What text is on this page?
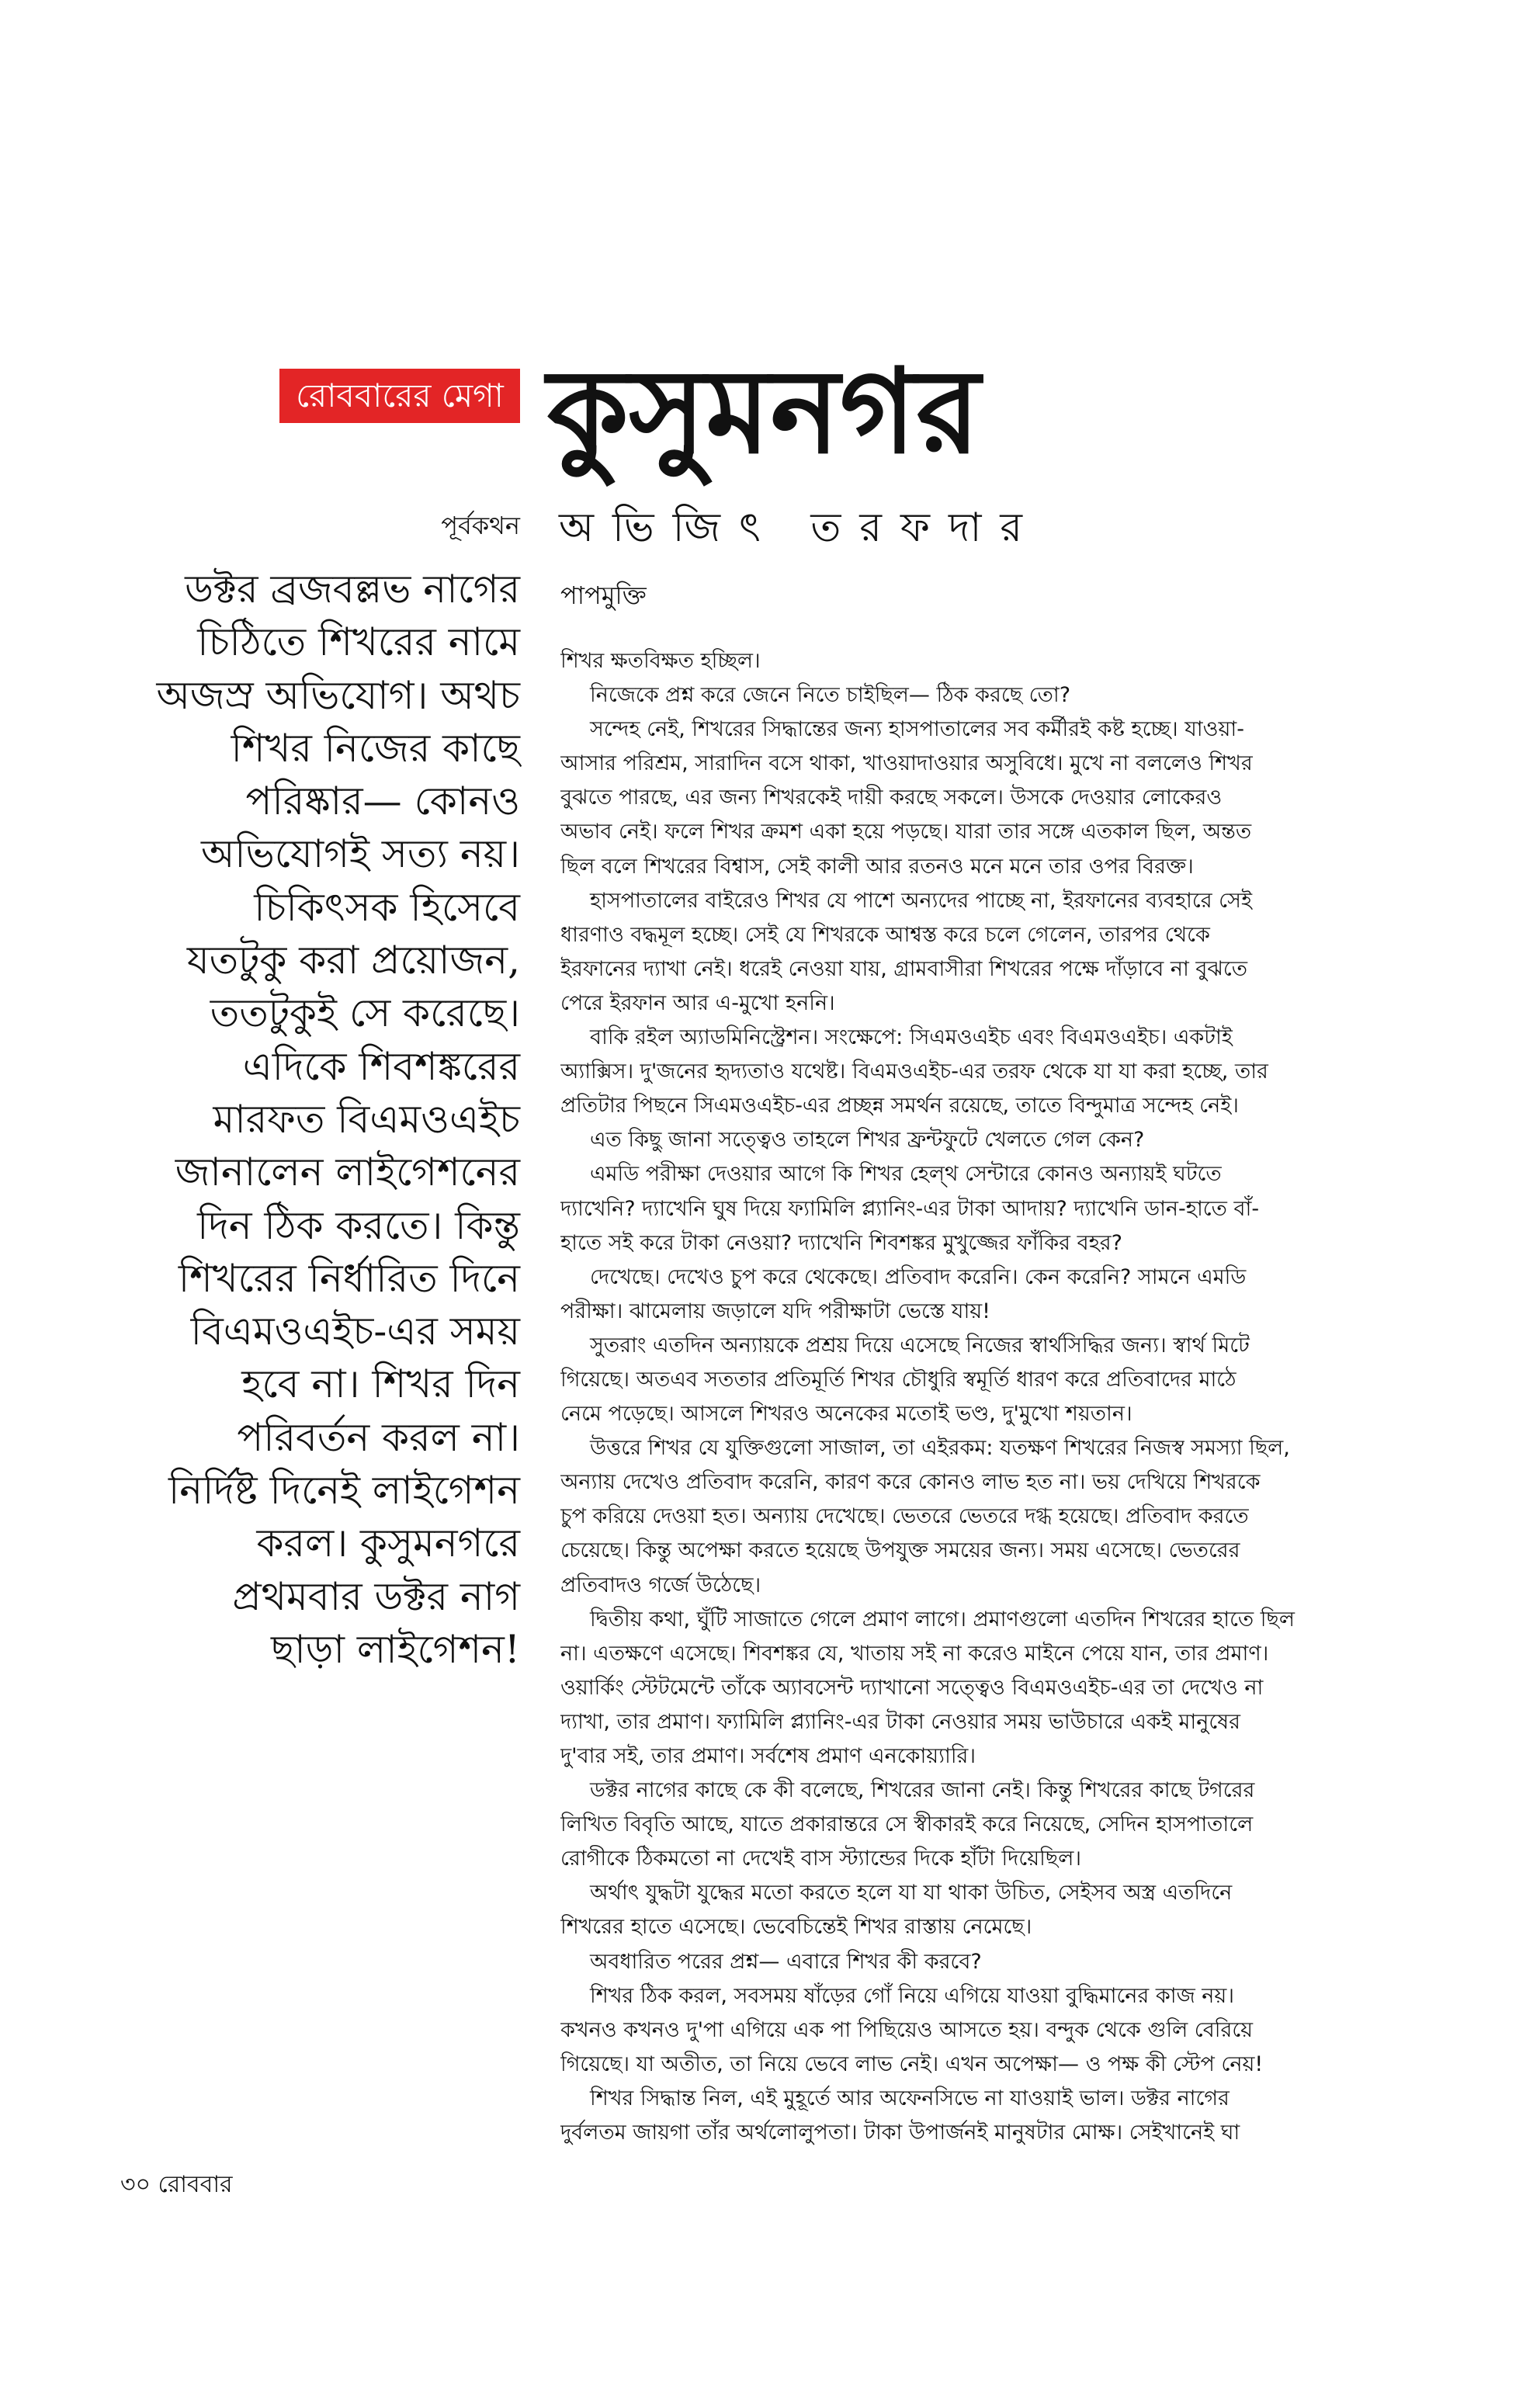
রোববারের মেগা কুসুমনগর
পূর্বকথন অভিজিৎ তরফদার
পাপমুক্তি
ডক্টর ব্রজবল্লভ নাগের
চিঠিতে শিখরের নামে
অজস্র অভিযোগ। অথচ
শিখর নিজের কাছে
পরিষ্কার— কোনও
অভিযোগই সত্য নয়।
চিকিৎসক হিসেবে
যতটুকু করা প্রয়োজন,
ততটুকুই সে করেছে।
এদিকে শিবশঙ্করের
মারফত বিএমওএইচ
জানালেন লাইগেশনের
দিন ঠিক করতে। কিন্তু
শিখরের নির্ধারিত দিনে
বিএমওএইচ-এর সময়
হবে না। শিখর দিন
পরিবর্তন করল না।
নির্দিষ্ট দিনেই লাইগেশন
করল। কুসুমনগরে
প্রথমবার ডক্টর নাগ
ছাড়া লাইগেশন!
শিখর ক্ষতবিক্ষত হচ্ছিল।
নিজেকে প্রশ্ন করে জেনে নিতে চাইছিল— ঠিক করছে তো?
সন্দেহ নেই, শিখরের সিদ্ধান্তের জন্য হাসপাতালের সব কর্মীরই কষ্ট হচ্ছে। যাওয়া-
আসার পরিশ্রম, সারাদিন বসে থাকা, খাওয়াদাওয়ার অসুবিধে। মুখে না বললেও শিখর
বুঝতে পারছে, এর জন্য শিখরকেই দায়ী করছে সকলে। উসকে দেওয়ার লোকেরও
অভাব নেই। ফলে শিখর ক্রমশ একা হয়ে পড়ছে। যারা তার সঙ্গে এতকাল ছিল, অন্তত
ছিল বলে শিখরের বিশ্বাস, সেই কালী আর রতনও মনে মনে তার ওপর বিরক্ত।
হাসপাতালের বাইরেও শিখর যে পাশে অন্যদের পাচ্ছে না, ইরফানের ব্যবহারে সেই
ধারণাও বদ্ধমূল হচ্ছে। সেই যে শিখরকে আশ্বস্ত করে চলে গেলেন, তারপর থেকে
ইরফানের দ্যাখা নেই। ধরেই নেওয়া যায়, গ্রামবাসীরা শিখরের পক্ষে দাঁড়াবে না বুঝতে
পেরে ইরফান আর এ-মুখো হননি।
বাকি রইল অ্যাডমিনিস্ট্রেশন। সংক্ষেপে: সিএমওএইচ এবং বিএমওএইচ। একটাই
অ্যাক্সিস। দু'জনের হৃদ্যতাও যথেষ্ট। বিএমওএইচ-এর তরফ থেকে যা যা করা হচ্ছে, তার
প্রতিটার পিছনে সিএমওএইচ-এর প্রচ্ছন্ন সমর্থন রয়েছে, তাতে বিন্দুমাত্র সন্দেহ নেই।
এত কিছু জানা সত্ত্বেও তাহলে শিখর ফ্রন্টফুটে খেলতে গেল কেন?
এমডি পরীক্ষা দেওয়ার আগে কি শিখর হেল্‌থ সেন্টারে কোনও অন্যায়ই ঘটতে
দ্যাখেনি? দ্যাখেনি ঘুষ দিয়ে ফ্যামিলি প্ল্যানিং-এর টাকা আদায়? দ্যাখেনি ডান-হাতে বাঁ-
হাতে সই করে টাকা নেওয়া? দ্যাখেনি শিবশঙ্কর মুখুজ্জের ফাঁকির বহর?
দেখেছে। দেখেও চুপ করে থেকেছে। প্রতিবাদ করেনি। কেন করেনি? সামনে এমডি
পরীক্ষা। ঝামেলায় জড়ালে যদি পরীক্ষাটা ভেস্তে যায়!
সুতরাং এতদিন অন্যায়কে প্রশ্রয় দিয়ে এসেছে নিজের স্বার্থসিদ্ধির জন্য। স্বার্থ মিটে
গিয়েছে। অতএব সততার প্রতিমূর্তি শিখর চৌধুরি স্বমূর্তি ধারণ করে প্রতিবাদের মাঠে
নেমে পড়েছে। আসলে শিখরও অনেকের মতোই ভণ্ড, দু'মুখো শয়তান।
উত্তরে শিখর যে যুক্তিগুলো সাজাল, তা এইরকম: যতক্ষণ শিখরের নিজস্ব সমস্যা ছিল,
অন্যায় দেখেও প্রতিবাদ করেনি, কারণ করে কোনও লাভ হত না। ভয় দেখিয়ে শিখরকে
চুপ করিয়ে দেওয়া হত। অন্যায় দেখেছে। ভেতরে ভেতরে দগ্ধ হয়েছে। প্রতিবাদ করতে
চেয়েছে। কিন্তু অপেক্ষা করতে হয়েছে উপযুক্ত সময়ের জন্য। সময় এসেছে। ভেতরের
প্রতিবাদও গর্জে উঠেছে।
দ্বিতীয় কথা, ঘুঁটি সাজাতে গেলে প্রমাণ লাগে। প্রমাণগুলো এতদিন শিখরের হাতে ছিল
না। এতক্ষণে এসেছে। শিবশঙ্কর যে, খাতায় সই না করেও মাইনে পেয়ে যান, তার প্রমাণ।
ওয়ার্কিং স্টেটমেন্টে তাঁকে অ্যাবসেন্ট দ্যাখানো সত্ত্বেও বিএমওএইচ-এর তা দেখেও না
দ্যাখা, তার প্রমাণ। ফ্যামিলি প্ল্যানিং-এর টাকা নেওয়ার সময় ভাউচারে একই মানুষের
দু'বার সই, তার প্রমাণ। সর্বশেষ প্রমাণ এনকোয়্যারি।
ডক্টর নাগের কাছে কে কী বলেছে, শিখরের জানা নেই। কিন্তু শিখরের কাছে টগরের
লিখিত বিবৃতি আছে, যাতে প্রকারান্তরে সে স্বীকারই করে নিয়েছে, সেদিন হাসপাতালে
রোগীকে ঠিকমতো না দেখেই বাস স্ট্যান্ডের দিকে হাঁটা দিয়েছিল।
অর্থাৎ যুদ্ধটা যুদ্ধের মতো করতে হলে যা যা থাকা উচিত, সেইসব অস্ত্র এতদিনে
শিখরের হাতে এসেছে। ভেবেচিন্তেই শিখর রাস্তায় নেমেছে।
অবধারিত পরের প্রশ্ন— এবারে শিখর কী করবে?
শিখর ঠিক করল, সবসময় ষাঁড়ের গোঁ নিয়ে এগিয়ে যাওয়া বুদ্ধিমানের কাজ নয়।
কখনও কখনও দু'পা এগিয়ে এক পা পিছিয়েও আসতে হয়। বন্দুক থেকে গুলি বেরিয়ে
গিয়েছে। যা অতীত, তা নিয়ে ভেবে লাভ নেই। এখন অপেক্ষা— ও পক্ষ কী স্টেপ নেয়!
শিখর সিদ্ধান্ত নিল, এই মুহূর্তে আর অফেনসিভে না যাওয়াই ভাল। ডক্টর নাগের
দুর্বলতম জায়গা তাঁর অর্থলোলুপতা। টাকা উপার্জনই মানুষটার মোক্ষ। সেইখানেই ঘা
৩০ রোববার
